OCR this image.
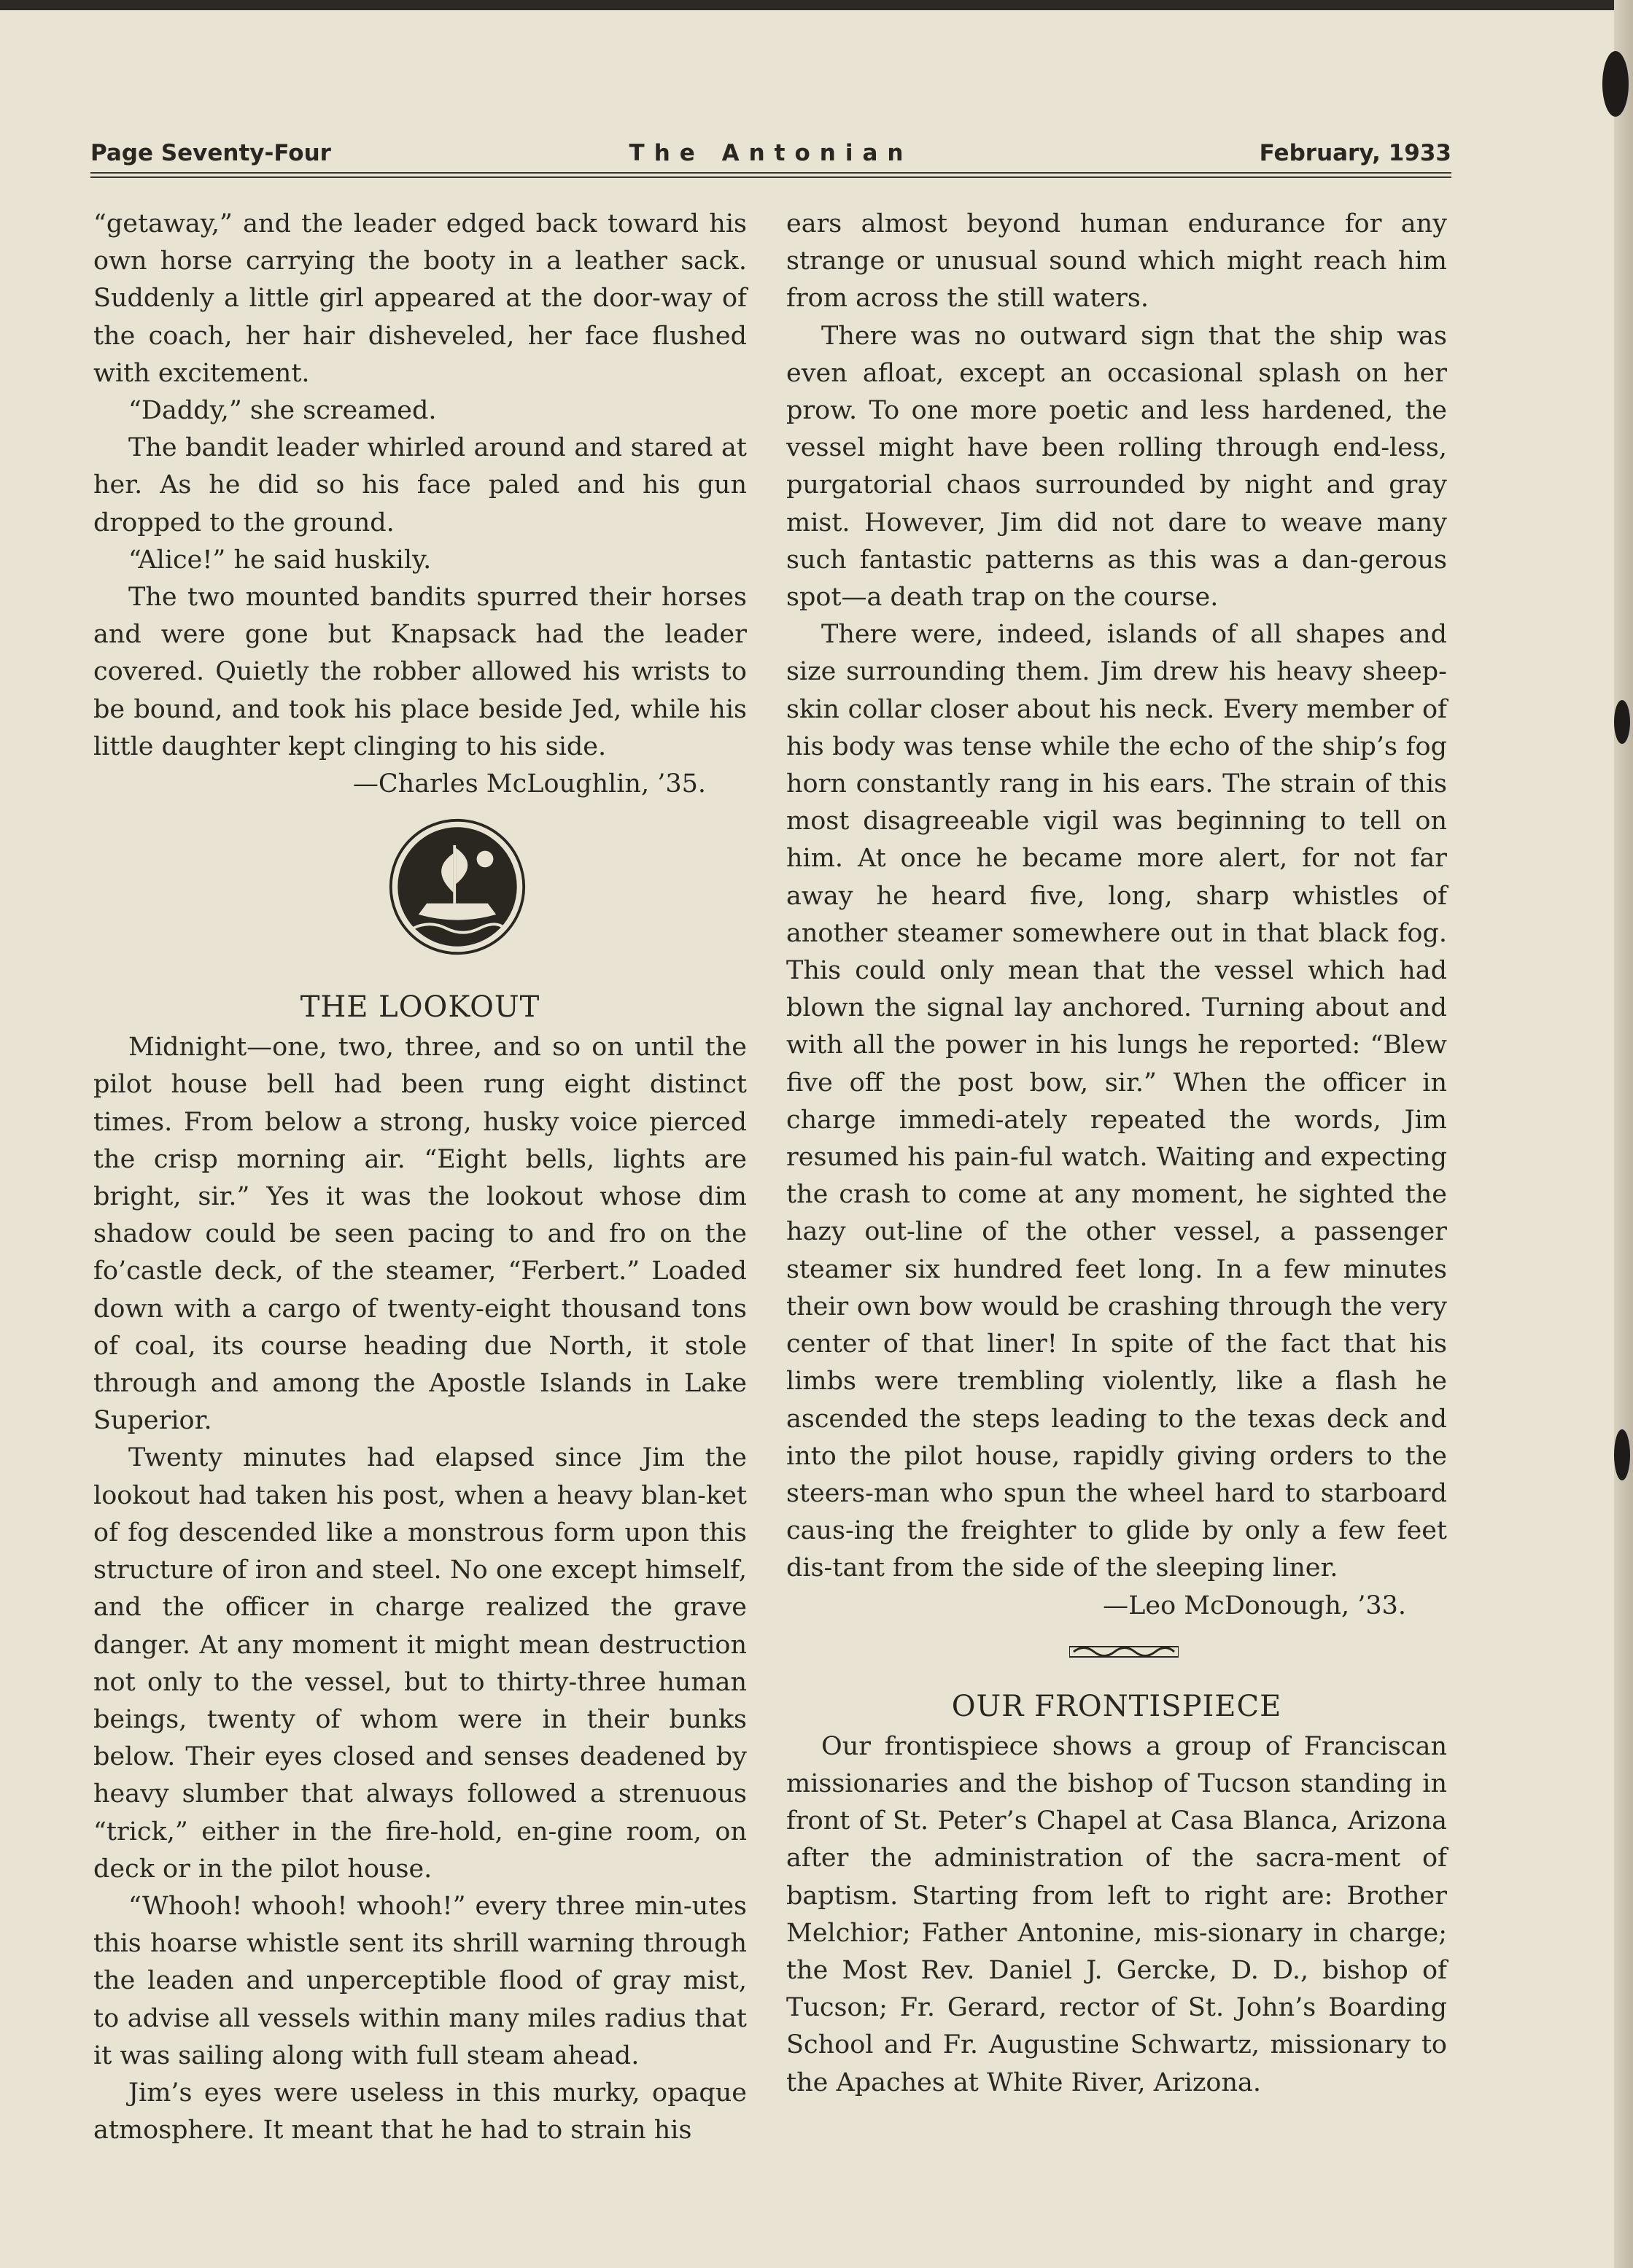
The Antonian
Page Seventy-Four	February, 1933

“getaway,” and the leader edged back toward his own horse carrying the booty in a leather sack. Suddenly a little girl appeared at the door-way of the coach, her hair disheveled, her face flushed with excitement.

“Daddy,” she screamed.

The bandit leader whirled around and stared at her. As he did so his face paled and his gun dropped to the ground.

“Alice!” he said huskily.

The two mounted bandits spurred their horses and were gone but Knapsack had the leader covered. Quietly the robber allowed his wrists to be bound, and took his place beside Jed, while his little daughter kept clinging to his side.

—Charles McLoughlin, ’35.

THE LOOKOUT

Midnight—one, two, three, and so on until the pilot house bell had been rung eight distinct times. From below a strong, husky voice pierced the crisp morning air. “Eight bells, lights are bright, sir.” Yes it was the lookout whose dim shadow could be seen pacing to and fro on the fo’castle deck, of the steamer, “Ferbert.” Loaded down with a cargo of twenty-eight thousand tons of coal, its course heading due North, it stole through and among the Apostle Islands in Lake Superior.

Twenty minutes had elapsed since Jim the lookout had taken his post, when a heavy blan-ket of fog descended like a monstrous form upon this structure of iron and steel. No one except himself, and the officer in charge realized the grave danger. At any moment it might mean destruction not only to the vessel, but to thirty-three human beings, twenty of whom were in their bunks below. Their eyes closed and senses deadened by heavy slumber that always followed a strenuous “trick,” either in the fire-hold, en-gine room, on deck or in the pilot house.

“Whooh! whooh! whooh!” every three min-utes this hoarse whistle sent its shrill warning through the leaden and unperceptible flood of gray mist, to advise all vessels within many miles radius that it was sailing along with full steam ahead.

Jim’s eyes were useless in this murky, opaque atmosphere. It meant that he had to strain his

ears almost beyond human endurance for any strange or unusual sound which might reach him from across the still waters.

There was no outward sign that the ship was even afloat, except an occasional splash on her prow. To one more poetic and less hardened, the vessel might have been rolling through end-less, purgatorial chaos surrounded by night and gray mist. However, Jim did not dare to weave many such fantastic patterns as this was a dan-gerous spot—a death trap on the course.

There were, indeed, islands of all shapes and size surrounding them. Jim drew his heavy sheep-skin collar closer about his neck. Every member of his body was tense while the echo of the ship’s fog horn constantly rang in his ears. The strain of this most disagreeable vigil was beginning to tell on him. At once he became more alert, for not far away he heard five, long, sharp whistles of another steamer somewhere out in that black fog. This could only mean that the vessel which had blown the signal lay anchored. Turning about and with all the power in his lungs he reported: “Blew five off the post bow, sir.” When the officer in charge immedi-ately repeated the words, Jim resumed his pain-ful watch. Waiting and expecting the crash to come at any moment, he sighted the hazy out-line of the other vessel, a passenger steamer six hundred feet long. In a few minutes their own bow would be crashing through the very center of that liner! In spite of the fact that his limbs were trembling violently, like a flash he ascended the steps leading to the texas deck and into the pilot house, rapidly giving orders to the steers-man who spun the wheel hard to starboard caus-ing the freighter to glide by only a few feet dis-tant from the side of the sleeping liner.

—Leo McDonough, ’33.

OUR FRONTISPIECE

Our frontispiece shows a group of Franciscan missionaries and the bishop of Tucson standing in front of St. Peter’s Chapel at Casa Blanca, Arizona after the administration of the sacra-ment of baptism. Starting from left to right are: Brother Melchior; Father Antonine, mis-sionary in charge; the Most Rev. Daniel J. Gercke, D. D., bishop of Tucson; Fr. Gerard, rector of St. John’s Boarding School and Fr. Augustine Schwartz, missionary to the Apaches at White River, Arizona.
